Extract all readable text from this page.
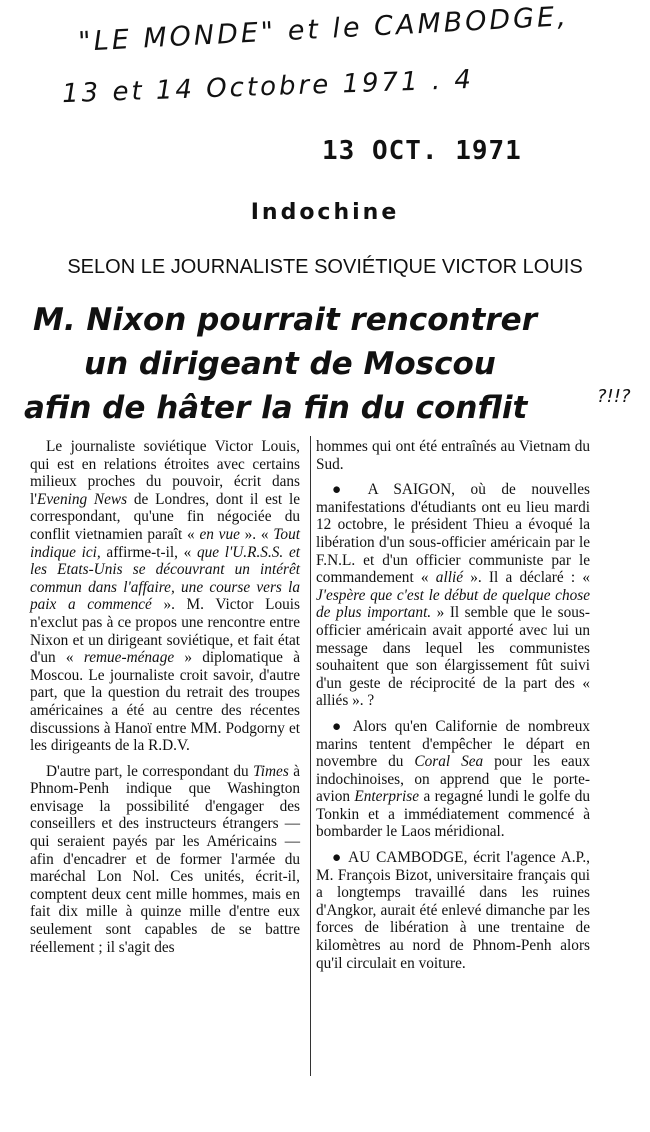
"LE MONDE" et le CAMBODGE,
13 et 14 Octobre 1971 . 4
13 OCT. 1971
Indochine
SELON LE JOURNALISTE SOVIÉTIQUE VICTOR LOUIS
M. Nixon pourrait rencontrer
un dirigeant de Moscou
afin de hâter la fin du conflit	?!!?

Le journaliste soviétique Victor Louis, qui est en relations étroites avec certains milieux proches du pouvoir, écrit dans l'Evening News de Londres, dont il est le correspondant, qu'une fin négociée du conflit vietnamien paraît « en vue ». « Tout indique ici, affirme-t-il, « que l'U.R.S.S. et les Etats-Unis se découvrant un intérêt commun dans l'affaire, une course vers la paix a commencé ». M. Victor Louis n'exclut pas à ce propos une rencontre entre Nixon et un dirigeant soviétique, et fait état d'un « remue-ménage » diplomatique à Moscou. Le journaliste croit savoir, d'autre part, que la question du retrait des troupes américaines a été au centre des récentes discussions à Hanoï entre MM. Podgorny et les dirigeants de la R.D.V.

D'autre part, le correspondant du Times à Phnom-Penh indique que Washington envisage la possibilité d'engager des conseillers et des instructeurs étrangers — qui seraient payés par les Américains — afin d'encadrer et de former l'armée du maréchal Lon Nol. Ces unités, écrit-il, comptent deux cent mille hommes, mais en fait dix mille à quinze mille d'entre eux seulement sont capables de se battre réellement ; il s'agit des

hommes qui ont été entraînés au Vietnam du Sud.

● A SAIGON, où de nouvelles manifestations d'étudiants ont eu lieu mardi 12 octobre, le président Thieu a évoqué la libération d'un sous-officier américain par le F.N.L. et d'un officier communiste par le commandement « allié ». Il a déclaré : « J'espère que c'est le début de quelque chose de plus important. » Il semble que le sous-officier américain avait apporté avec lui un message dans lequel les communistes souhaitent que son élargissement fût suivi d'un geste de réciprocité de la part des « alliés ». ?

● Alors qu'en Californie de nombreux marins tentent d'empêcher le départ en novembre du Coral Sea pour les eaux indochinoises, on apprend que le porte-avion Enterprise a regagné lundi le golfe du Tonkin et a immédiatement commencé à bombarder le Laos méridional.

● AU CAMBODGE, écrit l'agence A.P., M. François Bizot, universitaire français qui a longtemps travaillé dans les ruines d'Angkor, aurait été enlevé dimanche par les forces de libération à une trentaine de kilomètres au nord de Phnom-Penh alors qu'il circulait en voiture.
